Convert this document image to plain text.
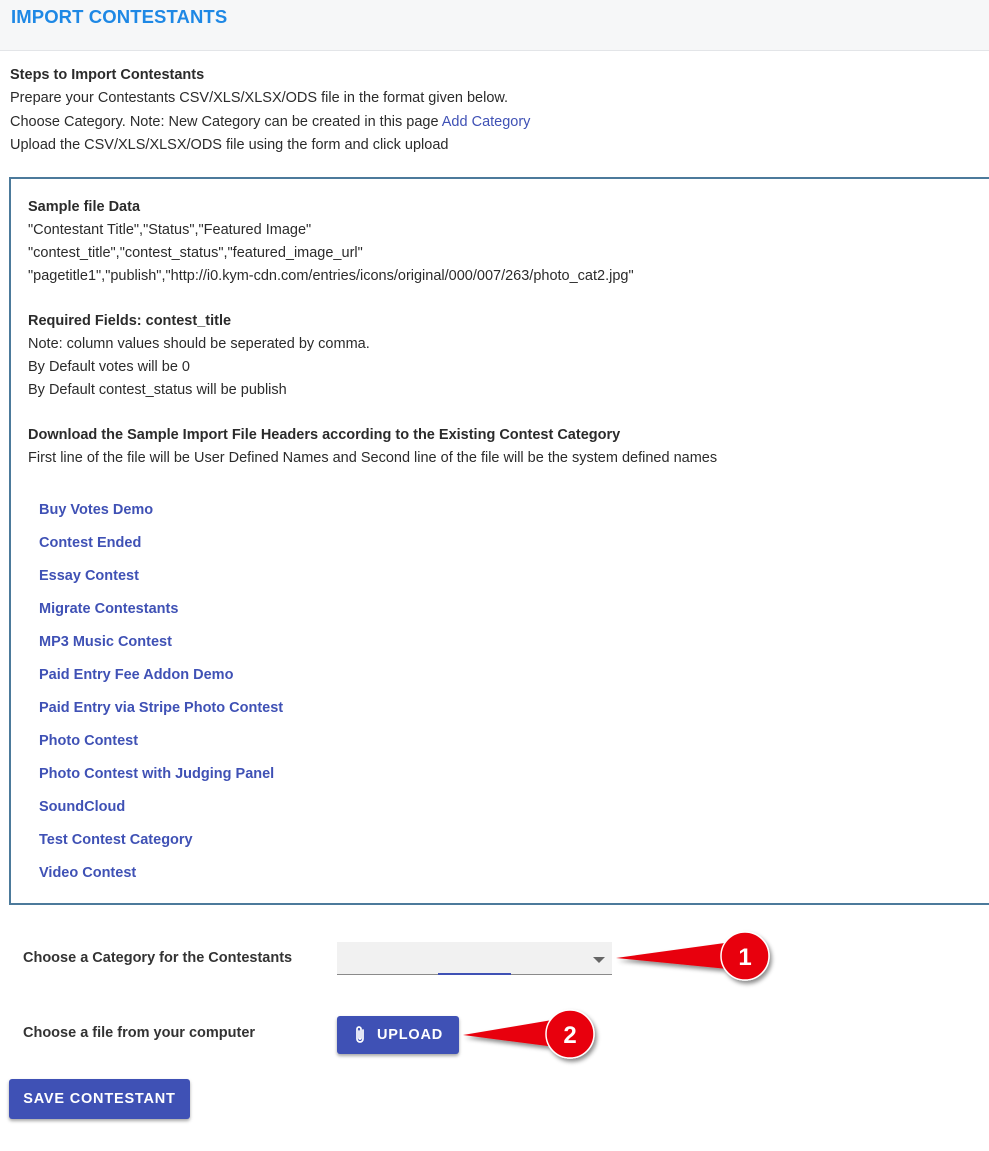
IMPORT CONTESTANTS
Steps to Import Contestants
Prepare your Contestants CSV/XLS/XLSX/ODS file in the format given below.
Choose Category. Note: New Category can be created in this page Add Category
Upload the CSV/XLS/XLSX/ODS file using the form and click upload
Sample file Data
"Contestant Title","Status","Featured Image"
"contest_title","contest_status","featured_image_url"
"pagetitle1","publish","http://i0.kym-cdn.com/entries/icons/original/000/007/263/photo_cat2.jpg"
Required Fields: contest_title
Note: column values should be seperated by comma.
By Default votes will be 0
By Default contest_status will be publish
Download the Sample Import File Headers according to the Existing Contest Category
First line of the file will be User Defined Names and Second line of the file will be the system defined names
Buy Votes Demo
Contest Ended
Essay Contest
Migrate Contestants
MP3 Music Contest
Paid Entry Fee Addon Demo
Paid Entry via Stripe Photo Contest
Photo Contest
Photo Contest with Judging Panel
SoundCloud
Test Contest Category
Video Contest
Choose a Category for the Contestants
Choose a file from your computer	UPLOAD
SAVE CONTESTANT
1
2
